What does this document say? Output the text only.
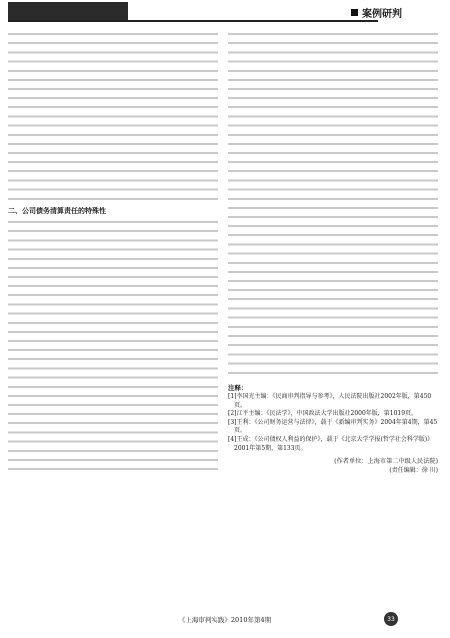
案例研判

二、公司债务清算责任的特殊性

注释：

[1]李国光主编：《民商审判指导与参考》，人民法院出版社2002年版，第450页。

[2]江平主编：《民法学》，中国政法大学出版社2000年版，第1019页。

[3]王利：《公司财务运营与法律》，载于《新编审判实务》2004年第4期，第45页。

[4]王成：《公司债权人利益的保护》，载于《北京大学学报(哲学社会科学版)》2001年第5期，第133页。

(作者单位：上海市第二中级人民法院)
(责任编辑：徐 川)
《上海审判实践》2010年第4期	33
